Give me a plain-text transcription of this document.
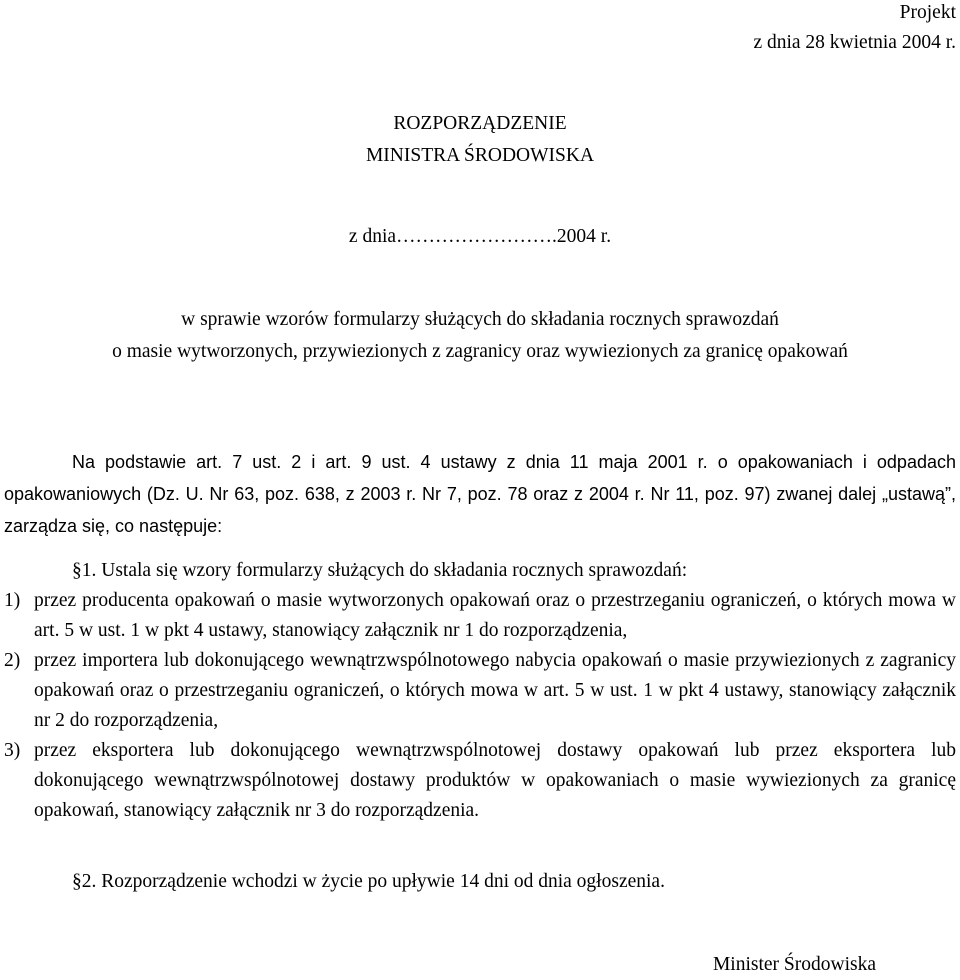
Projekt
z dnia 28 kwietnia 2004 r.
ROZPORZĄDZENIE
MINISTRA ŚRODOWISKA
z dnia…………………….2004 r.
w sprawie wzorów formularzy służących do składania rocznych sprawozdań
o masie wytworzonych, przywiezionych z zagranicy oraz wywiezionych za granicę opakowań
Na podstawie art. 7 ust. 2 i art. 9 ust. 4 ustawy z dnia 11 maja 2001 r. o opakowaniach i odpadach opakowaniowych (Dz. U. Nr 63, poz. 638, z 2003 r. Nr 7, poz. 78 oraz z 2004 r. Nr 11, poz. 97) zwanej dalej „ustawą”, zarządza się, co następuje:
§1. Ustala się wzory formularzy służących do składania rocznych sprawozdań:
1) przez producenta opakowań o masie wytworzonych opakowań oraz o przestrzeganiu ograniczeń, o których mowa w art. 5 w ust. 1 w pkt 4 ustawy, stanowiący załącznik nr 1 do rozporządzenia,
2) przez importera lub dokonującego wewnątrzwspólnotowego nabycia opakowań o masie przywiezionych z zagranicy opakowań oraz o przestrzeganiu ograniczeń, o których mowa w art. 5 w ust. 1 w pkt 4 ustawy, stanowiący załącznik nr 2 do rozporządzenia,
3) przez eksportera lub dokonującego wewnątrzwspólnotowej dostawy opakowań lub przez eksportera lub dokonującego wewnątrzwspólnotowej dostawy produktów w opakowaniach o masie wywiezionych za granicę opakowań, stanowiący załącznik nr 3 do rozporządzenia.
§2. Rozporządzenie wchodzi w życie po upływie 14 dni od dnia ogłoszenia.
Minister Środowiska
